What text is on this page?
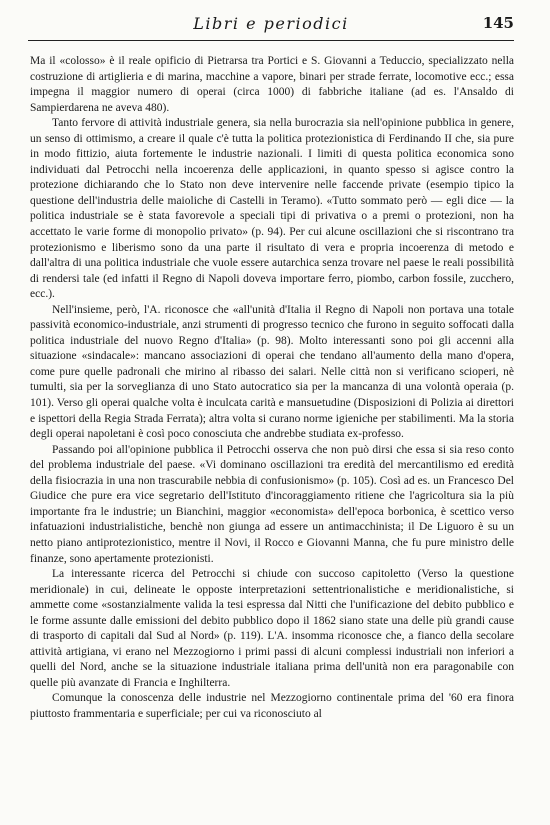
Libri e periodici	145

Ma il «colosso» è il reale opificio di Pietrarsa tra Portici e S. Giovanni a Teduccio, specializzato nella costruzione di artiglieria e di marina, macchine a vapore, binari per strade ferrate, locomotive ecc.; essa impegna il maggior numero di operai (circa 1000) di fabbriche italiane (ad es. l'Ansaldo di Sampierdarena ne aveva 480).

Tanto fervore di attività industriale genera, sia nella burocrazia sia nell'opinione pubblica in genere, un senso di ottimismo, a creare il quale c'è tutta la politica protezionistica di Ferdinando II che, sia pure in modo fittizio, aiuta fortemente le industrie nazionali. I limiti di questa politica economica sono individuati dal Petrocchi nella incoerenza delle applicazioni, in quanto spesso si agisce contro la protezione dichiarando che lo Stato non deve intervenire nelle faccende private (esempio tipico la questione dell'industria delle maioliche di Castelli in Teramo). «Tutto sommato però — egli dice — la politica industriale se è stata favorevole a speciali tipi di privativa o a premi o protezioni, non ha accettato le varie forme di monopolio privato» (p. 94). Per cui alcune oscillazioni che si riscontrano tra protezionismo e liberismo sono da una parte il risultato di vera e propria incoerenza di metodo e dall'altra di una politica industriale che vuole essere autarchica senza trovare nel paese le reali possibilità di rendersi tale (ed infatti il Regno di Napoli doveva importare ferro, piombo, carbon fossile, zucchero, ecc.).

Nell'insieme, però, l'A. riconosce che «all'unità d'Italia il Regno di Napoli non portava una totale passività economico-industriale, anzi strumenti di progresso tecnico che furono in seguito soffocati dalla politica industriale del nuovo Regno d'Italia» (p. 98). Molto interessanti sono poi gli accenni alla situazione «sindacale»: mancano associazioni di operai che tendano all'aumento della mano d'opera, come pure quelle padronali che mirino al ribasso dei salari. Nelle città non si verificano scioperi, nè tumulti, sia per la sorveglianza di uno Stato autocratico sia per la mancanza di una volontà operaia (p. 101). Verso gli operai qualche volta è inculcata carità e mansuetudine (Disposizioni di Polizia ai direttori e ispettori della Regia Strada Ferrata); altra volta si curano norme igieniche per stabilimenti. Ma la storia degli operai napoletani è così poco conosciuta che andrebbe studiata ex-professo.

Passando poi all'opinione pubblica il Petrocchi osserva che non può dirsi che essa si sia reso conto del problema industriale del paese. «Vi dominano oscillazioni tra eredità del mercantilismo ed eredità della fisiocrazia in una non trascurabile nebbia di confusionismo» (p. 105). Così ad es. un Francesco Del Giudice che pure era vice segretario dell'Istituto d'incoraggiamento ritiene che l'agricoltura sia la più importante fra le industrie; un Bianchini, maggior «economista» dell'epoca borbonica, è scettico verso infatuazioni industrialistiche, benchè non giunga ad essere un antimacchinista; il De Liguoro è su un netto piano antiprotezionistico, mentre il Novi, il Rocco e Giovanni Manna, che fu pure ministro delle finanze, sono apertamente protezionisti.

La interessante ricerca del Petrocchi si chiude con succoso capitoletto (Verso la questione meridionale) in cui, delineate le opposte interpretazioni settentrionalistiche e meridionalistiche, si ammette come «sostanzialmente valida la tesi espressa dal Nitti che l'unificazione del debito pubblico e le forme assunte dalle emissioni del debito pubblico dopo il 1862 siano state una delle più grandi cause di trasporto di capitali dal Sud al Nord» (p. 119). L'A. insomma riconosce che, a fianco della secolare attività artigiana, vi erano nel Mezzogiorno i primi passi di alcuni complessi industriali non inferiori a quelli del Nord, anche se la situazione industriale italiana prima dell'unità non era paragonabile con quelle più avanzate di Francia e Inghilterra.

Comunque la conoscenza delle industrie nel Mezzogiorno continentale prima del '60 era finora piuttosto frammentaria e superficiale; per cui va riconosciuto al
